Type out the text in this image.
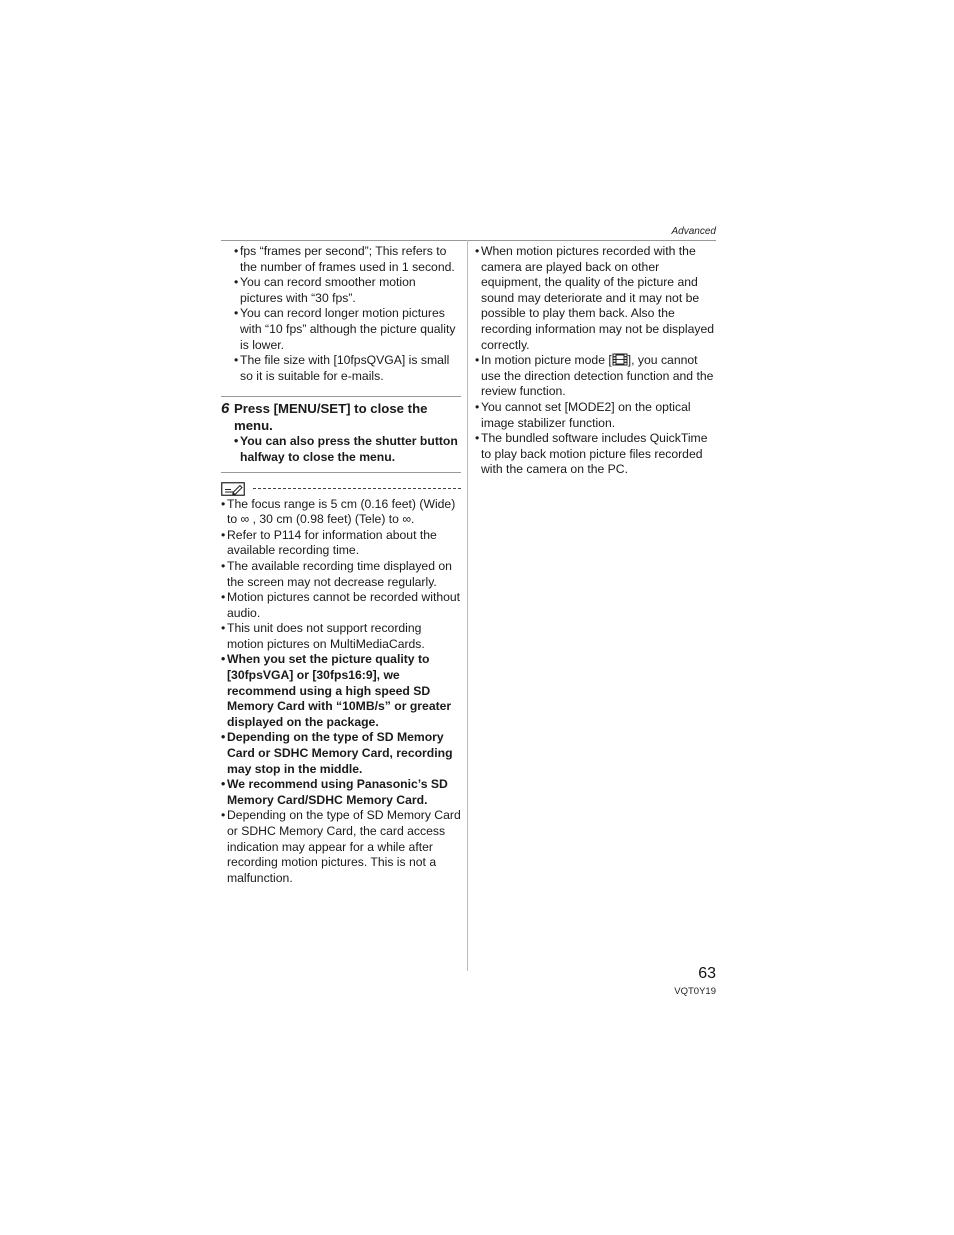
Advanced
• fps “frames per second”; This refers to the number of frames used in 1 second.
• You can record smoother motion pictures with “30 fps”.
• You can record longer motion pictures with “10 fps” although the picture quality is lower.
• The file size with [10fpsQVGA] is small so it is suitable for e-mails.
6 Press [MENU/SET] to close the menu.
• You can also press the shutter button halfway to close the menu.
• The focus range is 5 cm (0.16 feet) (Wide) to ∞ , 30 cm (0.98 feet) (Tele) to ∞.
• Refer to P114 for information about the available recording time.
• The available recording time displayed on the screen may not decrease regularly.
• Motion pictures cannot be recorded without audio.
• This unit does not support recording motion pictures on MultiMediaCards.
• When you set the picture quality to [30fpsVGA] or [30fps16:9], we recommend using a high speed SD Memory Card with “10MB/s” or greater displayed on the package.
• Depending on the type of SD Memory Card or SDHC Memory Card, recording may stop in the middle.
• We recommend using Panasonic’s SD Memory Card/SDHC Memory Card.
• Depending on the type of SD Memory Card or SDHC Memory Card, the card access indication may appear for a while after recording motion pictures. This is not a malfunction.
• When motion pictures recorded with the camera are played back on other equipment, the quality of the picture and sound may deteriorate and it may not be possible to play them back. Also the recording information may not be displayed correctly.
• In motion picture mode [ ], you cannot use the direction detection function and the review function.
• You cannot set [MODE2] on the optical image stabilizer function.
• The bundled software includes QuickTime to play back motion picture files recorded with the camera on the PC.
63
VQT0Y19
